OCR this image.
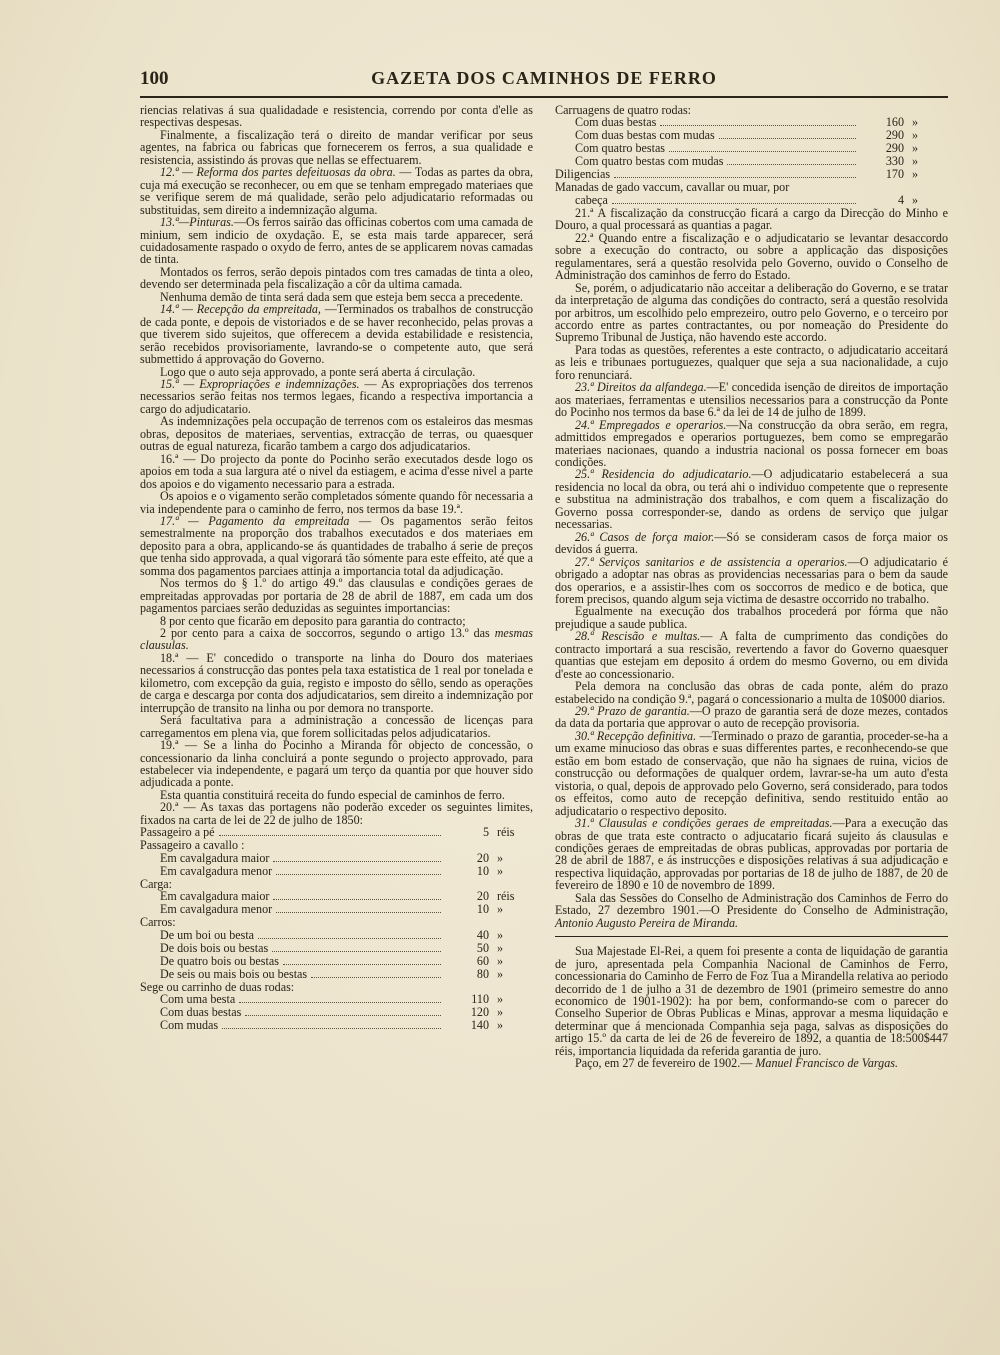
100	GAZETA DOS CAMINHOS DE FERRO

riencias relativas á sua qualidadade e resistencia, correndo por conta d'elle as respectivas despesas.

Finalmente, a fiscalização terá o direito de mandar verificar por seus agentes, na fabrica ou fabricas que fornecerem os ferros, a sua qualidade e resistencia, assistindo ás provas que nellas se effectuarem.

12.ª — Reforma dos partes defeituosas da obra. — Todas as partes da obra, cuja má execução se reconhecer, ou em que se tenham empregado materiaes que se verifique serem de má qualidade, serão pelo adjudicatario reformadas ou substituidas, sem direito a indemnização alguma.

13.ª—Pinturas.—Os ferros sairão das officinas cobertos com uma camada de minium, sem indicio de oxydação. E, se esta mais tarde apparecer, será cuidadosamente raspado o oxydo de ferro, antes de se applicarem novas camadas de tinta.

Montados os ferros, serão depois pintados com tres camadas de tinta a oleo, devendo ser determinada pela fiscalização a côr da ultima camada.

Nenhuma demão de tinta será dada sem que esteja bem secca a precedente.

14.ª — Recepção da empreitada, —Terminados os trabalhos de construcção de cada ponte, e depois de vistoriados e de se haver reconhecido, pelas provas a que tiverem sido sujeitos, que offerecem a devida estabilidade e resistencia, serão recebidos provisoriamente, lavrando-se o competente auto, que será submettido á approvação do Governo.

Logo que o auto seja approvado, a ponte será aberta á circulação.

15.ª — Expropriações e indemnizações. — As expropriações dos terrenos necessarios serão feitas nos termos legaes, ficando a respectiva importancia a cargo do adjudicatario.

As indemnizações pela occupação de terrenos com os estaleiros das mesmas obras, depositos de materiaes, serventias, extracção de terras, ou quaesquer outras de egual natureza, ficarão tambem a cargo dos adjudicatarios.

16.ª — Do projecto da ponte do Pocinho serão executados desde logo os apoios em toda a sua largura até o nivel da estiagem, e acima d'esse nivel a parte dos apoios e do vigamento necessario para a estrada.

Os apoios e o vigamento serão completados sómente quando fôr necessaria a via independente para o caminho de ferro, nos termos da base 19.ª.

17.ª — Pagamento da empreitada — Os pagamentos serão feitos semestralmente na proporção dos trabalhos executados e dos materiaes em deposito para a obra, applicando-se ás quantidades de trabalho á serie de preços que tenha sido approvada, a qual vigorará tão sómente para este effeito, até que a somma dos pagamentos parciaes attinja a importancia total da adjudicação.

Nos termos do § 1.º do artigo 49.º das clausulas e condições geraes de empreitadas approvadas por portaria de 28 de abril de 1887, em cada um dos pagamentos parciaes serão deduzidas as seguintes importancias:

8 por cento que ficarão em deposito para garantia do contracto;

2 por cento para a caixa de soccorros, segundo o artigo 13.º das mesmas clausulas.

18.ª — E' concedido o transporte na linha do Douro dos materiaes necessarios á construcção das pontes pela taxa estatistica de 1 real por tonelada e kilometro, com excepção da guia, registo e imposto do sêllo, sendo as operações de carga e descarga por conta dos adjudicatarios, sem direito a indemnização por interrupção de transito na linha ou por demora no transporte.

Será facultativa para a administração a concessão de licenças para carregamentos em plena via, que forem sollicitadas pelos adjudicatarios.

19.ª — Se a linha do Pocinho a Miranda fôr objecto de concessão, o concessionario da linha concluirá a ponte segundo o projecto approvado, para estabelecer via independente, e pagará um terço da quantia por que houver sido adjudicada a ponte.

Esta quantia constituirá receita do fundo especial de caminhos de ferro.

20.ª — As taxas das portagens não poderão exceder os seguintes limites, fixados na carta de lei de 22 de julho de 1850:

Passageiro a pé	5 réis
Passageiro a cavallo :
Em cavalgadura maior	20 »
Em cavalgadura menor	10 »
Carga:
Em cavalgadura maior	20 réis
Em cavalgadura menor	10 »
Carros:
De um boi ou besta	40 »
De dois bois ou bestas	50 »
De quatro bois ou bestas	60 »
De seis ou mais bois ou bestas	80 »
Sege ou carrinho de duas rodas:
Com uma besta	110 »
Com duas bestas	120 »
Com mudas	140 »
Carruagens de quatro rodas:
Com duas bestas	160 »
Com duas bestas com mudas	290 »
Com quatro bestas	290 »
Com quatro bestas com mudas	330 »
Diligencias	170 »
Manadas de gado vaccum, cavallar ou muar, por
cabeça	4 »

21.ª A fiscalização da construcção ficará a cargo da Direcção do Minho e Douro, a qual processará as quantias a pagar.

22.ª Quando entre a fiscalização e o adjudicatario se levantar desaccordo sobre a execução do contracto, ou sobre a applicação das disposições regulamentares, será a questão resolvida pelo Governo, ouvido o Conselho de Administração dos caminhos de ferro do Estado.

Se, porém, o adjudicatario não acceitar a deliberação do Governo, e se tratar da interpretação de alguma das condições do contracto, será a questão resolvida por arbitros, um escolhido pelo emprezeiro, outro pelo Governo, e o terceiro por accordo entre as partes contractantes, ou por nomeação do Presidente do Supremo Tribunal de Justiça, não havendo este accordo.

Para todas as questões, referentes a este contracto, o adjudicatario acceitará as leis e tribunaes portuguezes, qualquer que seja a sua nacionalidade, a cujo foro renunciará.

23.ª Direitos da alfandega.—E' concedida isenção de direitos de importação aos materiaes, ferramentas e utensilios necessarios para a construcção da Ponte do Pocinho nos termos da base 6.ª da lei de 14 de julho de 1899.

24.ª Empregados e operarios.—Na construcção da obra serão, em regra, admittidos empregados e operarios portuguezes, bem como se empregarão materiaes nacionaes, quando a industria nacional os possa fornecer em boas condições.

25.ª Residencia do adjudicatario.—O adjudicatario estabelecerá a sua residencia no local da obra, ou terá ahi o individuo competente que o represente e substitua na administração dos trabalhos, e com quem a fiscalização do Governo possa corresponder-se, dando as ordens de serviço que julgar necessarias.

26.ª Casos de força maior.—Só se consideram casos de força maior os devidos á guerra.

27.ª Serviços sanitarios e de assistencia a operarios.—O adjudicatario é obrigado a adoptar nas obras as providencias necessarias para o bem da saude dos operarios, e a assistir-lhes com os soccorros de medico e de botica, que forem precisos, quando algum seja victima de desastre occorrido no trabalho.

Egualmente na execução dos trabalhos procederá por fórma que não prejudique a saude publica.

28.ª Rescisão e multas.— A falta de cumprimento das condições do contracto importará a sua rescisão, revertendo a favor do Governo quaesquer quantias que estejam em deposito á ordem do mesmo Governo, ou em divida d'este ao concessionario.

Pela demora na conclusão das obras de cada ponte, além do prazo estabelecido na condição 9.ª, pagará o concessionario a multa de 10$000 diarios.

29.ª Prazo de garantia.—O prazo de garantia será de doze mezes, contados da data da portaria que approvar o auto de recepção provisoria.

30.ª Recepção definitiva. —Terminado o prazo de garantia, proceder-se-ha a um exame minucioso das obras e suas differentes partes, e reconhecendo-se que estão em bom estado de conservação, que não ha signaes de ruina, vicios de construcção ou deformações de qualquer ordem, lavrar-se-ha um auto d'esta vistoria, o qual, depois de approvado pelo Governo, será considerado, para todos os effeitos, como auto de recepção definitiva, sendo restituido então ao adjudicatario o respectivo deposito.

31.ª Clausulas e condições geraes de empreitadas.—Para a execução das obras de que trata este contracto o adjucatario ficará sujeito ás clausulas e condições geraes de empreitadas de obras publicas, approvadas por portaria de 28 de abril de 1887, e ás instrucções e disposições relativas á sua adjudicação e respectiva liquidação, approvadas por portarias de 18 de julho de 1887, de 20 de fevereiro de 1890 e 10 de novembro de 1899.

Sala das Sessões do Conselho de Administração dos Caminhos de Ferro do Estado, 27 dezembro 1901.—O Presidente do Conselho de Administração, Antonio Augusto Pereira de Miranda.

Sua Majestade El-Rei, a quem foi presente a conta de liquidação de garantia de juro, apresentada pela Companhia Nacional de Caminhos de Ferro, concessionaria do Caminho de Ferro de Foz Tua a Mirandella relativa ao periodo decorrido de 1 de julho a 31 de dezembro de 1901 (primeiro semestre do anno economico de 1901-1902): ha por bem, conformando-se com o parecer do Conselho Superior de Obras Publicas e Minas, approvar a mesma liquidação e determinar que á mencionada Companhia seja paga, salvas as disposições do artigo 15.º da carta de lei de 26 de fevereiro de 1892, a quantia de 18:500$447 réis, importancia liquidada da referida garantia de juro.

Paço, em 27 de fevereiro de 1902.— Manuel Francisco de Vargas.
